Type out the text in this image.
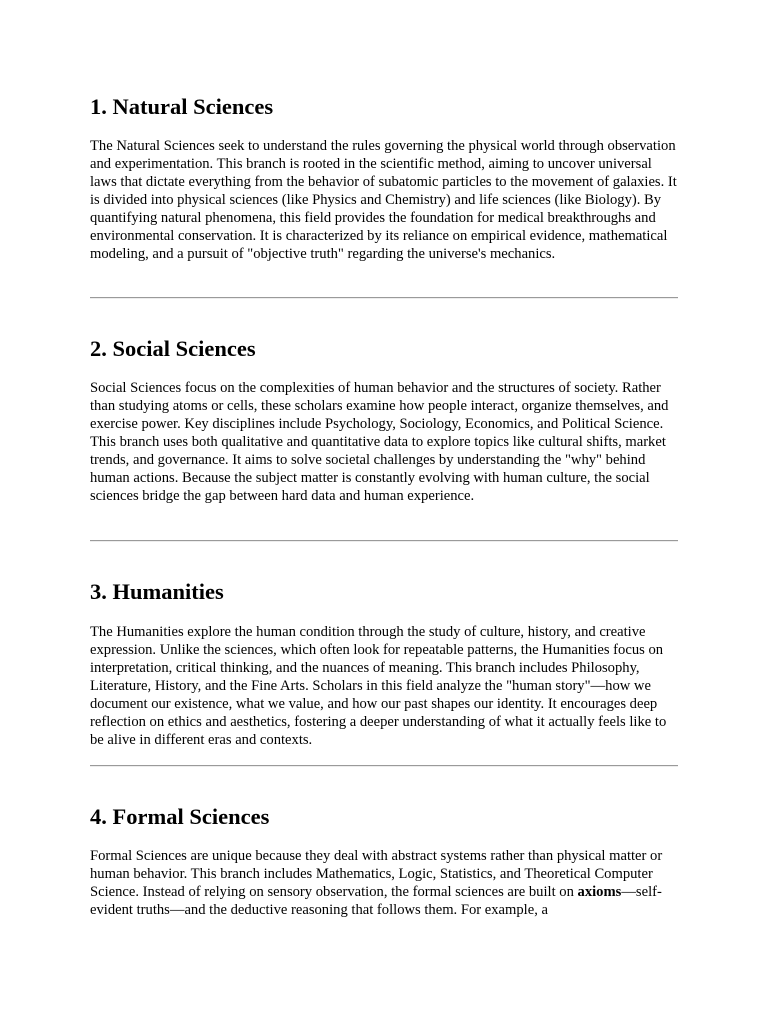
1. Natural Sciences

The Natural Sciences seek to understand the rules governing the physical world through observation and experimentation. This branch is rooted in the scientific method, aiming to uncover universal laws that dictate everything from the behavior of subatomic particles to the movement of galaxies. It is divided into physical sciences (like Physics and Chemistry) and life sciences (like Biology). By quantifying natural phenomena, this field provides the foundation for medical breakthroughs and environmental conservation. It is characterized by its reliance on empirical evidence, mathematical modeling, and a pursuit of "objective truth" regarding the universe's mechanics.

2. Social Sciences

Social Sciences focus on the complexities of human behavior and the structures of society. Rather than studying atoms or cells, these scholars examine how people interact, organize themselves, and exercise power. Key disciplines include Psychology, Sociology, Economics, and Political Science. This branch uses both qualitative and quantitative data to explore topics like cultural shifts, market trends, and governance. It aims to solve societal challenges by understanding the "why" behind human actions. Because the subject matter is constantly evolving with human culture, the social sciences bridge the gap between hard data and human experience.

3. Humanities

The Humanities explore the human condition through the study of culture, history, and creative expression. Unlike the sciences, which often look for repeatable patterns, the Humanities focus on interpretation, critical thinking, and the nuances of meaning. This branch includes Philosophy, Literature, History, and the Fine Arts. Scholars in this field analyze the "human story"—how we document our existence, what we value, and how our past shapes our identity. It encourages deep reflection on ethics and aesthetics, fostering a deeper understanding of what it actually feels like to be alive in different eras and contexts.

4. Formal Sciences

Formal Sciences are unique because they deal with abstract systems rather than physical matter or human behavior. This branch includes Mathematics, Logic, Statistics, and Theoretical Computer Science. Instead of relying on sensory observation, the formal sciences are built on axioms—self-evident truths—and the deductive reasoning that follows them. For example, a
